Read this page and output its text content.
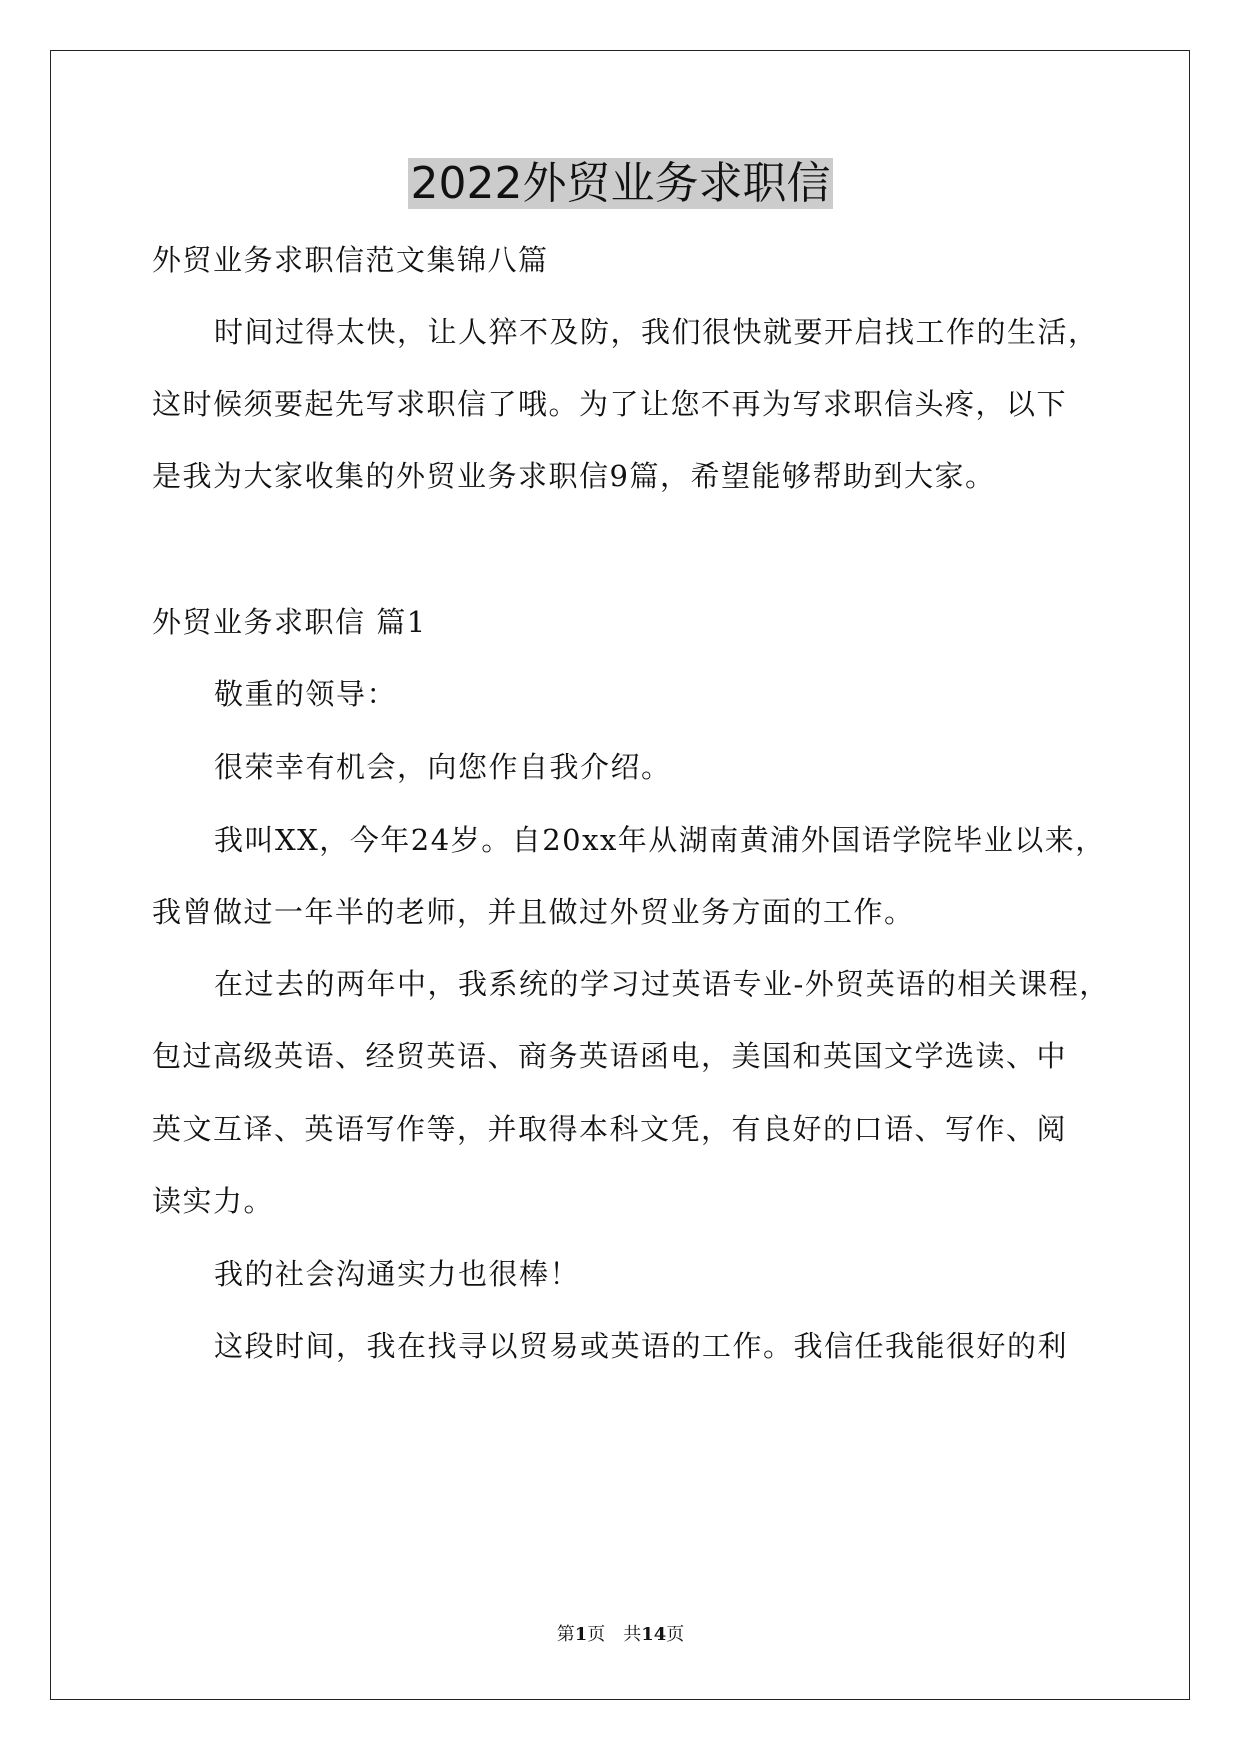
2022外贸业务求职信

外贸业务求职信范文集锦八篇

时间过得太快，让人猝不及防，我们很快就要开启找工作的生活，

这时候须要起先写求职信了哦。为了让您不再为写求职信头疼，以下

是我为大家收集的外贸业务求职信9篇，希望能够帮助到大家。

外贸业务求职信 篇1

敬重的领导：

很荣幸有机会，向您作自我介绍。

我叫XX，今年24岁。自20xx年从湖南黄浦外国语学院毕业以来，

我曾做过一年半的老师，并且做过外贸业务方面的工作。

在过去的两年中，我系统的学习过英语专业-外贸英语的相关课程，

包过高级英语、经贸英语、商务英语函电，美国和英国文学选读、中

英文互译、英语写作等，并取得本科文凭，有良好的口语、写作、阅

读实力。

我的社会沟通实力也很棒！

这段时间，我在找寻以贸易或英语的工作。我信任我能很好的利

第1页 共14页
